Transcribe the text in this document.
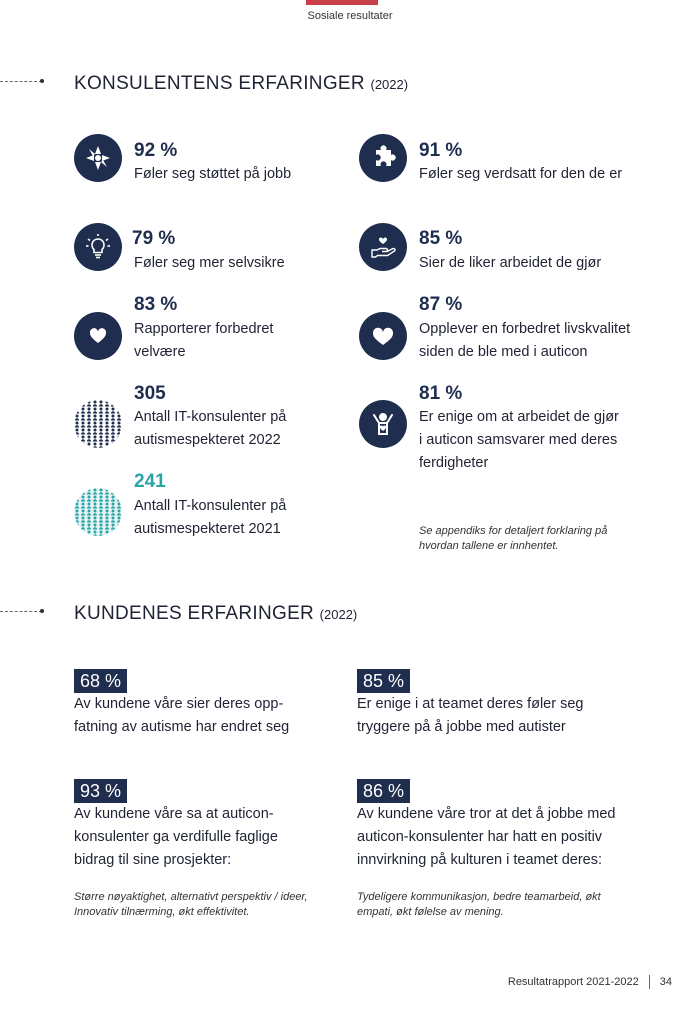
Sosiale resultater
KONSULENTENS ERFARINGER (2022)
92 %
Føler seg støttet på jobb
91 %
Føler seg verdsatt for den de er
79 %
Føler seg mer selvsikre
85 %
Sier de liker arbeidet de gjør
83 %
Rapporterer forbedret
velvære
87 %
Opplever en forbedret livskvalitet
siden de ble med i auticon
305
Antall IT-konsulenter på
autismespekteret 2022
81 %
Er enige om at arbeidet de gjør
i auticon samsvarer med deres
ferdigheter
241
Antall IT-konsulenter på
autismespekteret 2021	Se appendiks for detaljert forklaring på
hvordan tallene er innhentet.
KUNDENES ERFARINGER (2022)
68 %
Av kundene våre sier deres opp-
fatning av autisme har endret seg
85 %
Er enige i at teamet deres føler seg
tryggere på å jobbe med autister
93 %
Av kundene våre sa at auticon-
konsulenter ga verdifulle faglige
bidrag til sine prosjekter:
86 %
Av kundene våre tror at det å jobbe med
auticon-konsulenter har hatt en positiv
innvirkning på kulturen i teamet deres:
Større nøyaktighet, alternativt perspektiv / ideer,
Innovativ tilnærming, økt effektivitet.
Tydeligere kommunikasjon, bedre teamarbeid, økt
empati, økt følelse av mening.
Resultatrapport 2021-2022 34
